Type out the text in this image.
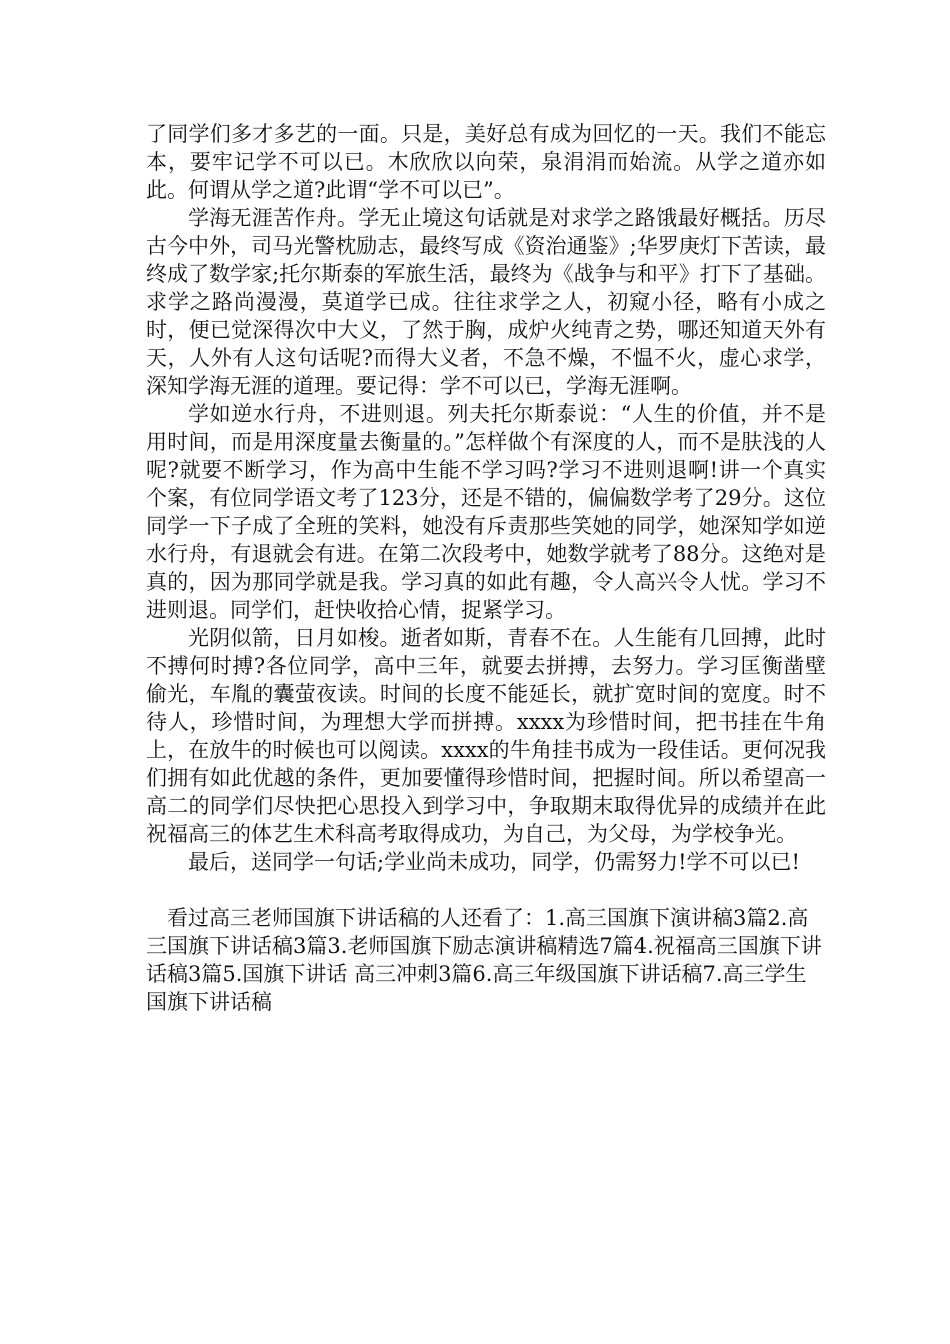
了同学们多才多艺的一面。只是，美好总有成为回忆的一天。我们不能忘本，要牢记学不可以已。木欣欣以向荣，泉涓涓而始流。从学之道亦如此。何谓从学之道?此谓“学不可以已”。

学海无涯苦作舟。学无止境这句话就是对求学之路饿最好概括。历尽古今中外，司马光警枕励志，最终写成《资治通鉴》;华罗庚灯下苦读，最终成了数学家;托尔斯泰的军旅生活，最终为《战争与和平》打下了基础。求学之路尚漫漫，莫道学已成。往往求学之人，初窥小径，略有小成之时，便已觉深得次中大义，了然于胸，成炉火纯青之势，哪还知道天外有天，人外有人这句话呢?而得大义者，不急不燥，不愠不火，虚心求学，深知学海无涯的道理。要记得：学不可以已，学海无涯啊。

学如逆水行舟，不进则退。列夫托尔斯泰说：“人生的价值，并不是用时间，而是用深度量去衡量的。”怎样做个有深度的人，而不是肤浅的人呢?就要不断学习，作为高中生能不学习吗?学习不进则退啊!讲一个真实个案，有位同学语文考了123分，还是不错的，偏偏数学考了29分。这位同学一下子成了全班的笑料，她没有斥责那些笑她的同学，她深知学如逆水行舟，有退就会有进。在第二次段考中，她数学就考了88分。这绝对是真的，因为那同学就是我。学习真的如此有趣，令人高兴令人忧。学习不进则退。同学们，赶快收拾心情，捉紧学习。

光阴似箭，日月如梭。逝者如斯，青春不在。人生能有几回搏，此时不搏何时搏?各位同学，高中三年，就要去拼搏，去努力。学习匡衡凿壁偷光，车胤的囊萤夜读。时间的长度不能延长，就扩宽时间的宽度。时不待人，珍惜时间，为理想大学而拼搏。xxxx为珍惜时间，把书挂在牛角上，在放牛的时候也可以阅读。xxxx的牛角挂书成为一段佳话。更何况我们拥有如此优越的条件，更加要懂得珍惜时间，把握时间。所以希望高一高二的同学们尽快把心思投入到学习中，争取期末取得优异的成绩并在此祝福高三的体艺生术科高考取得成功，为自己，为父母，为学校争光。

最后，送同学一句话;学业尚未成功，同学，仍需努力!学不可以已!

看过高三老师国旗下讲话稿的人还看了：1.高三国旗下演讲稿3篇2.高三国旗下讲话稿3篇3.老师国旗下励志演讲稿精选7篇4.祝福高三国旗下讲话稿3篇5.国旗下讲话 高三冲刺3篇6.高三年级国旗下讲话稿7.高三学生国旗下讲话稿
